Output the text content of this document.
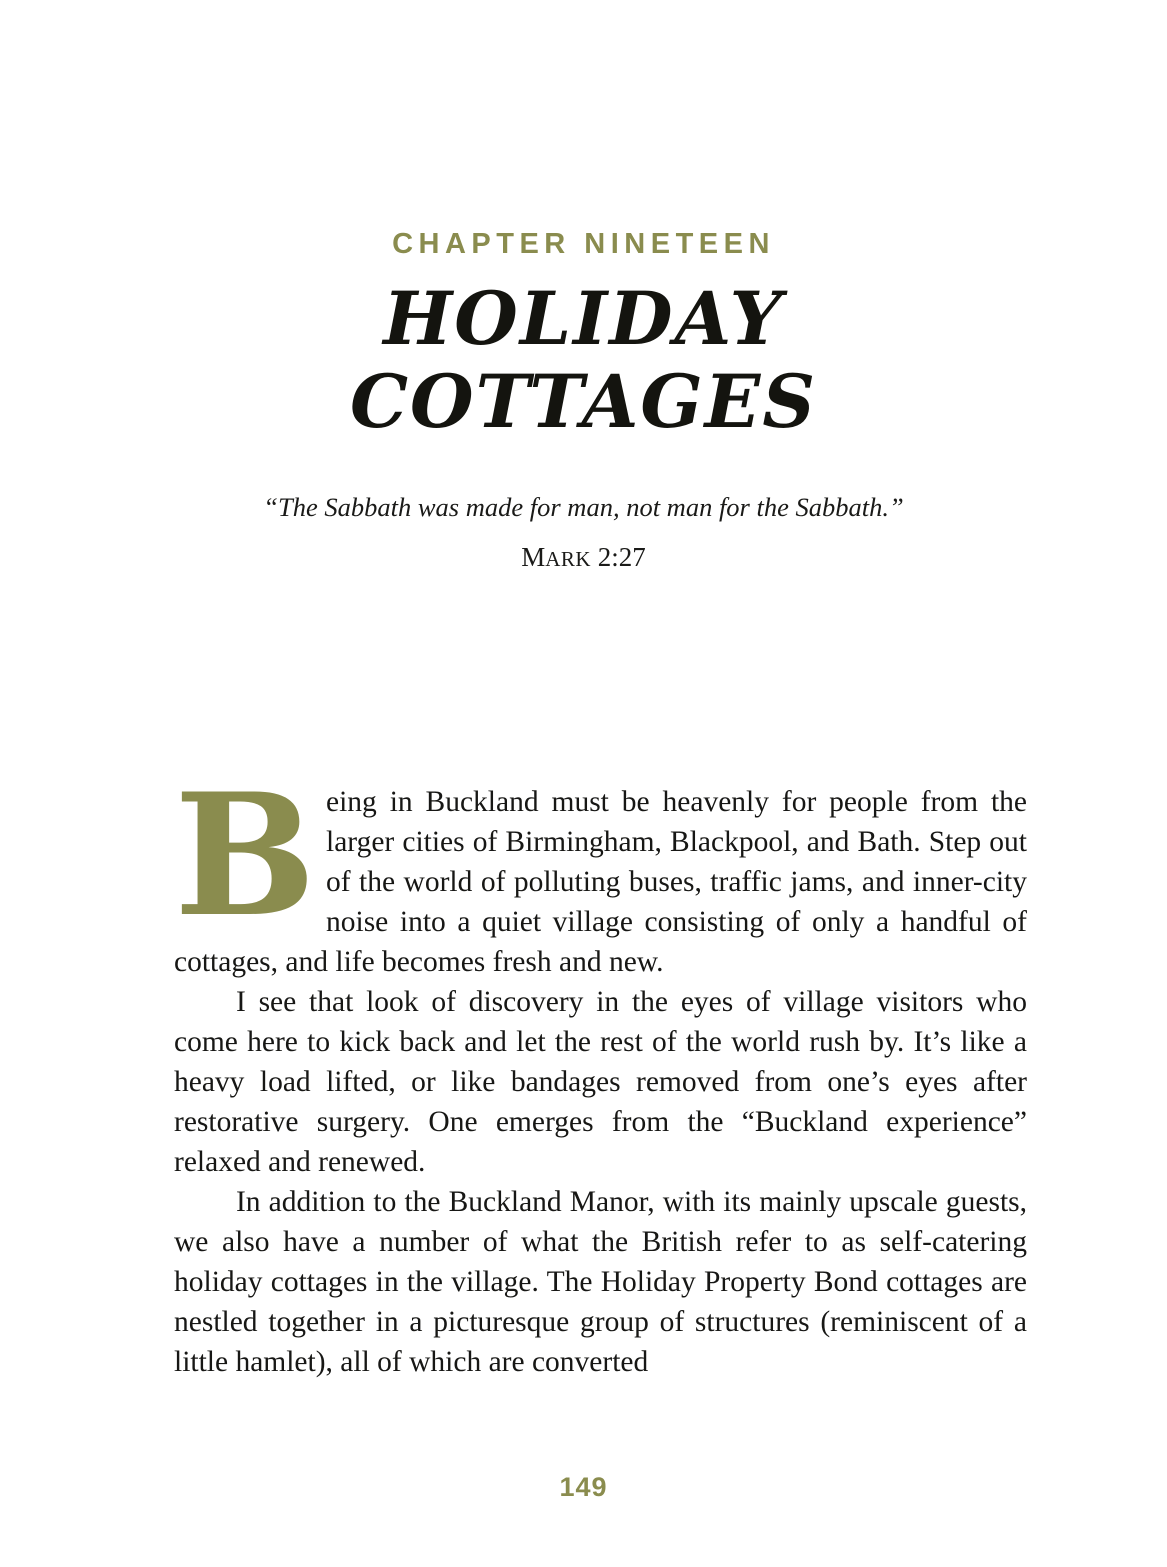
CHAPTER NINETEEN
HOLIDAY
COTTAGES
“The Sabbath was made for man, not man for the Sabbath.”
MARK 2:27

Being in Buckland must be heavenly for people from the larger cities of Birmingham, Blackpool, and Bath. Step out of the world of polluting buses, traffic jams, and inner-city noise into a quiet village consisting of only a handful of cottages, and life becomes fresh and new.

I see that look of discovery in the eyes of village visitors who come here to kick back and let the rest of the world rush by. It’s like a heavy load lifted, or like bandages removed from one’s eyes after restorative surgery. One emerges from the “Buckland experience” relaxed and renewed.

In addition to the Buckland Manor, with its mainly upscale guests, we also have a number of what the British refer to as self-catering holiday cottages in the village. The Holiday Property Bond cottages are nestled together in a picturesque group of structures (reminiscent of a little hamlet), all of which are converted

149
